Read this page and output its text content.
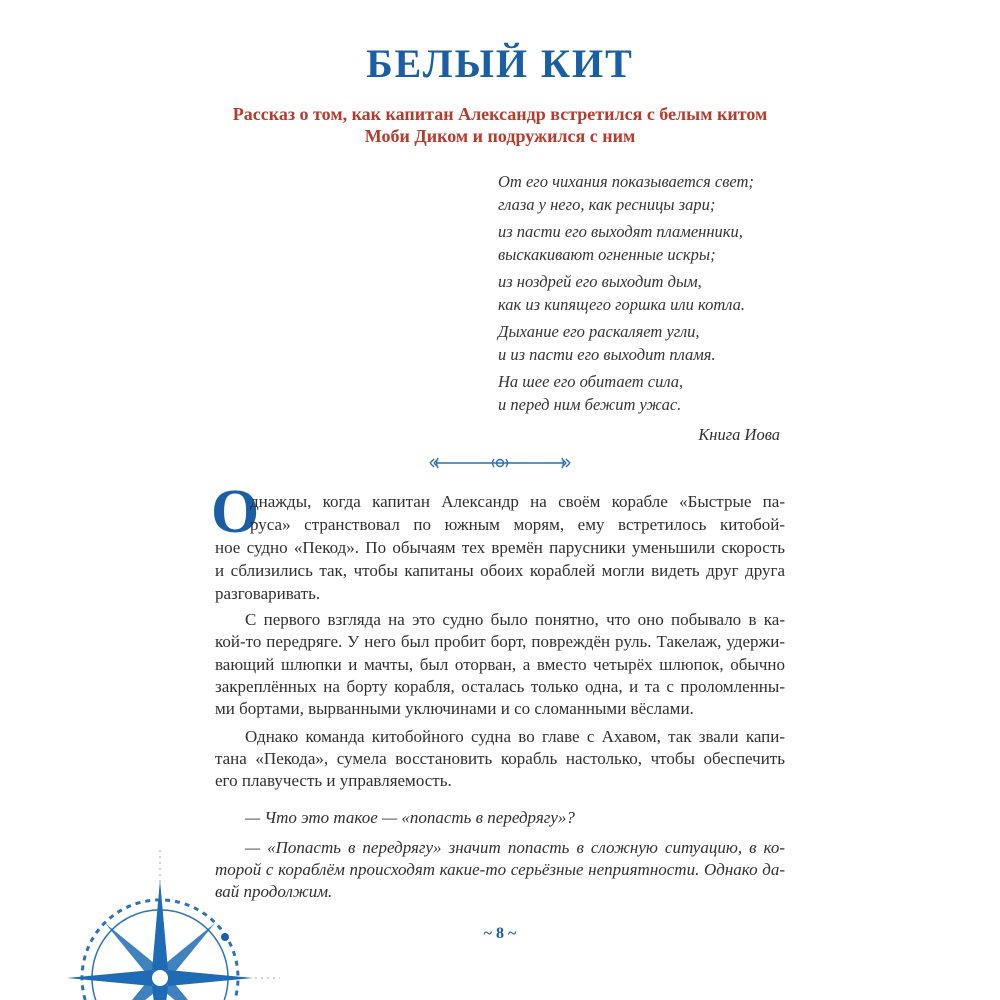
БЕЛЫЙ КИТ
Рассказ о том, как капитан Александр встретился с белым китом
Моби Диком и подружился с ним
От его чихания показывается свет;
глаза у него, как ресницы зари;
из пасти его выходят пламенники,
выскакивают огненные искры;
из ноздрей его выходит дым,
как из кипящего горшка или котла.
Дыхание его раскаляет угли,
и из пасти его выходит пламя.
На шее его обитает сила,
и перед ним бежит ужас.
Книга Иова
О
днажды, когда капитан Александр на своём корабле «Быстрые па-
руса» странствовал по южным морям, ему встретилось китобой-
ное судно «Пекод». По обычаям тех времён парусники уменьшили скорость
и сблизились так, чтобы капитаны обоих кораблей могли видеть друг друга
разговаривать.
С первого взгляда на это судно было понятно, что оно побывало в ка-
кой-то передряге. У него был пробит борт, повреждён руль. Такелаж, удержи-
вающий шлюпки и мачты, был оторван, а вместо четырёх шлюпок, обычно
закреплённых на борту корабля, осталась только одна, и та с проломленны-
ми бортами, вырванными уключинами и со сломанными вёслами.
Однако команда китобойного судна во главе с Ахавом, так звали капи-
тана «Пекода», сумела восстановить корабль настолько, чтобы обеспечить
его плавучесть и управляемость.
— Что это такое — «попасть в передрягу»?
— «Попасть в передрягу» значит попасть в сложную ситуацию, в ко-
торой с кораблём происходят какие-то серьёзные неприятности. Однако да-
вай продолжим.
~ 8 ~
